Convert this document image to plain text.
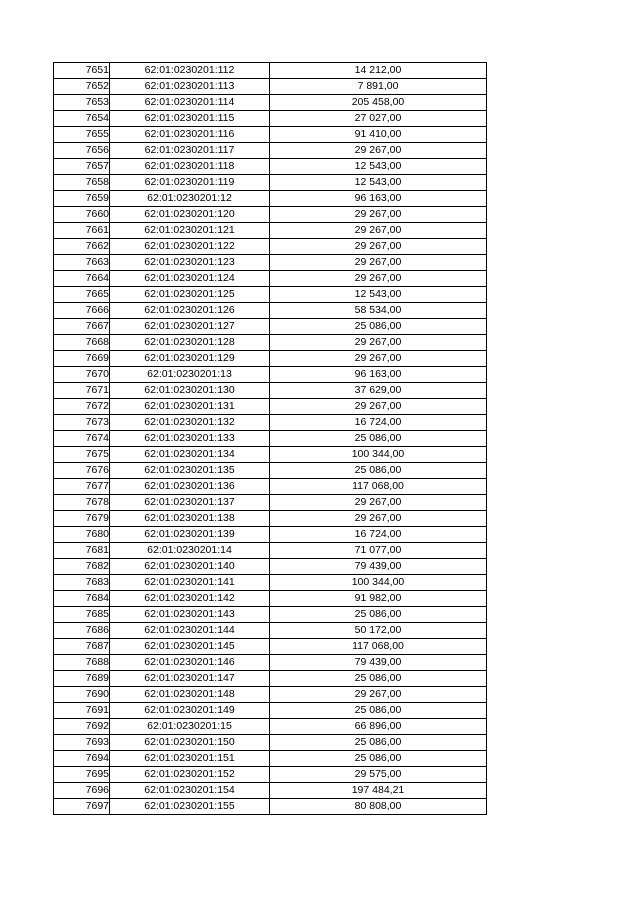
7651	62:01:0230201:112	14 212,00
7652	62:01:0230201:113	7 891,00
7653	62:01:0230201:114	205 458,00
7654	62:01:0230201:115	27 027,00
7655	62:01:0230201:116	91 410,00
7656	62:01:0230201:117	29 267,00
7657	62:01:0230201:118	12 543,00
7658	62:01:0230201:119	12 543,00
7659	62:01:0230201:12	96 163,00
7660	62:01:0230201:120	29 267,00
7661	62:01:0230201:121	29 267,00
7662	62:01:0230201:122	29 267,00
7663	62:01:0230201:123	29 267,00
7664	62:01:0230201:124	29 267,00
7665	62:01:0230201:125	12 543,00
7666	62:01:0230201:126	58 534,00
7667	62:01:0230201:127	25 086,00
7668	62:01:0230201:128	29 267,00
7669	62:01:0230201:129	29 267,00
7670	62:01:0230201:13	96 163,00
7671	62:01:0230201:130	37 629,00
7672	62:01:0230201:131	29 267,00
7673	62:01:0230201:132	16 724,00
7674	62:01:0230201:133	25 086,00
7675	62:01:0230201:134	100 344,00
7676	62:01:0230201:135	25 086,00
7677	62:01:0230201:136	117 068,00
7678	62:01:0230201:137	29 267,00
7679	62:01:0230201:138	29 267,00
7680	62:01:0230201:139	16 724,00
7681	62:01:0230201:14	71 077,00
7682	62:01:0230201:140	79 439,00
7683	62:01:0230201:141	100 344,00
7684	62:01:0230201:142	91 982,00
7685	62:01:0230201:143	25 086,00
7686	62:01:0230201:144	50 172,00
7687	62:01:0230201:145	117 068,00
7688	62:01:0230201:146	79 439,00
7689	62:01:0230201:147	25 086,00
7690	62:01:0230201:148	29 267,00
7691	62:01:0230201:149	25 086,00
7692	62:01:0230201:15	66 896,00
7693	62:01:0230201:150	25 086,00
7694	62:01:0230201:151	25 086,00
7695	62:01:0230201:152	29 575,00
7696	62:01:0230201:154	197 484,21
7697	62:01:0230201:155	80 808,00
